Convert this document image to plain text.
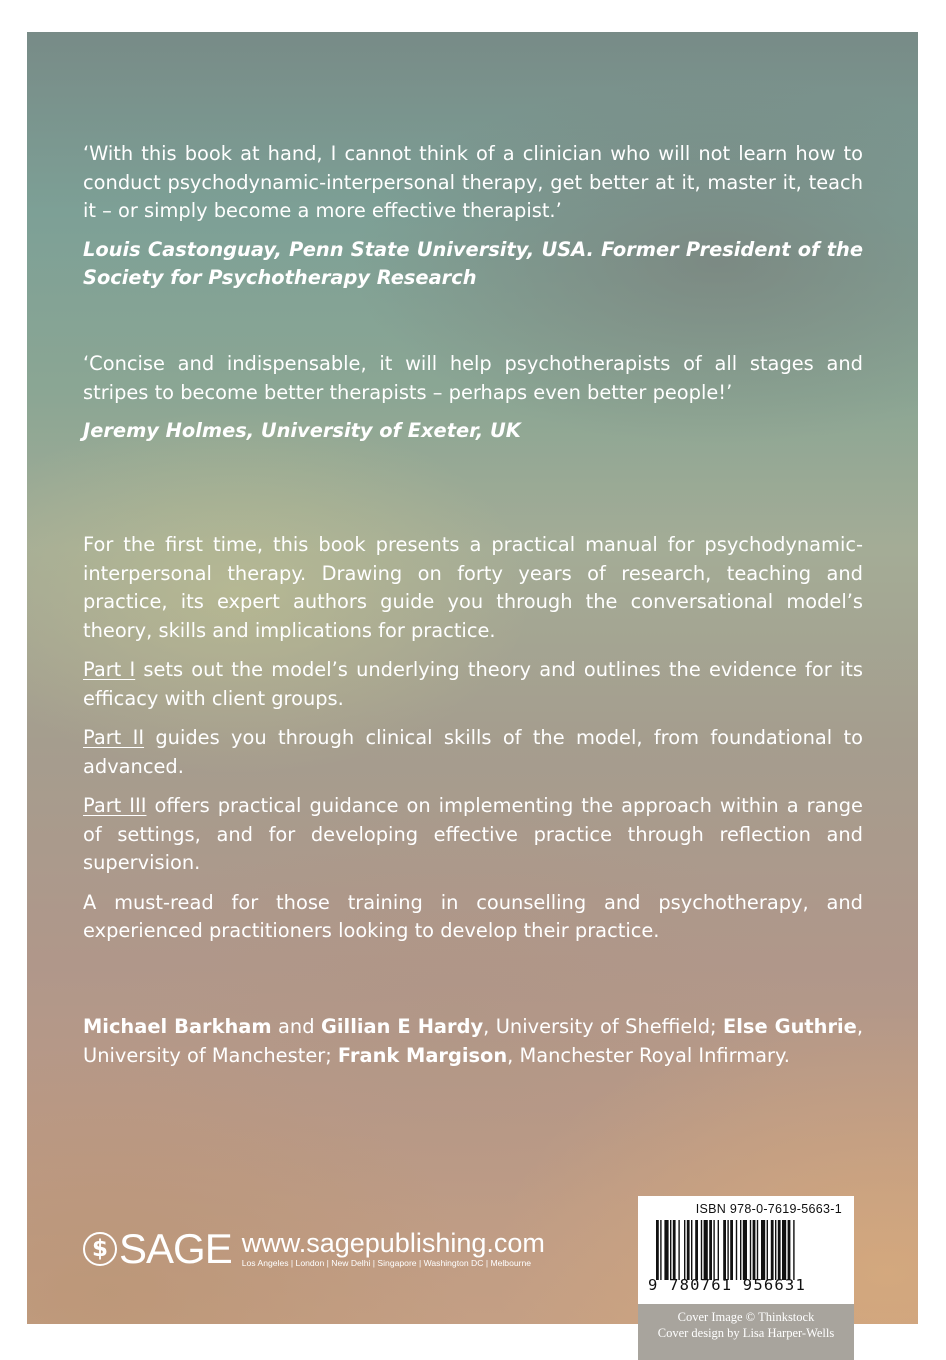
‘With this book at hand, I cannot think of a clinician who will not learn how to conduct psychodynamic-interpersonal therapy, get better at it, master it, teach it – or simply become a more effective therapist.’

Louis Castonguay, Penn State University, USA. Former President of the Society for Psychotherapy Research

‘Concise and indispensable, it will help psychotherapists of all stages and stripes to become better therapists – perhaps even better people!’

Jeremy Holmes, University of Exeter, UK

For the first time, this book presents a practical manual for psychodynamic-interpersonal therapy. Drawing on forty years of research, teaching and practice, its expert authors guide you through the conversational model’s theory, skills and implications for practice.

Part I sets out the model’s underlying theory and outlines the evidence for its efficacy with client groups.

Part II guides you through clinical skills of the model, from foundational to advanced.

Part III offers practical guidance on implementing the approach within a range of settings, and for developing effective practice through reflection and supervision.

A must-read for those training in counselling and psychotherapy, and experienced practitioners looking to develop their practice.

Michael Barkham and Gillian E Hardy, University of Sheffield; Else Guthrie, University of Manchester; Frank Margison, Manchester Royal Infirmary.

$ SAGE www.sagepublishing.com
Los Angeles | London | New Delhi | Singapore | Washington DC | Melbourne
ISBN 978-0-7619-5663-1
9 780761 956631
Cover Image © Thinkstock
Cover design by Lisa Harper-Wells
